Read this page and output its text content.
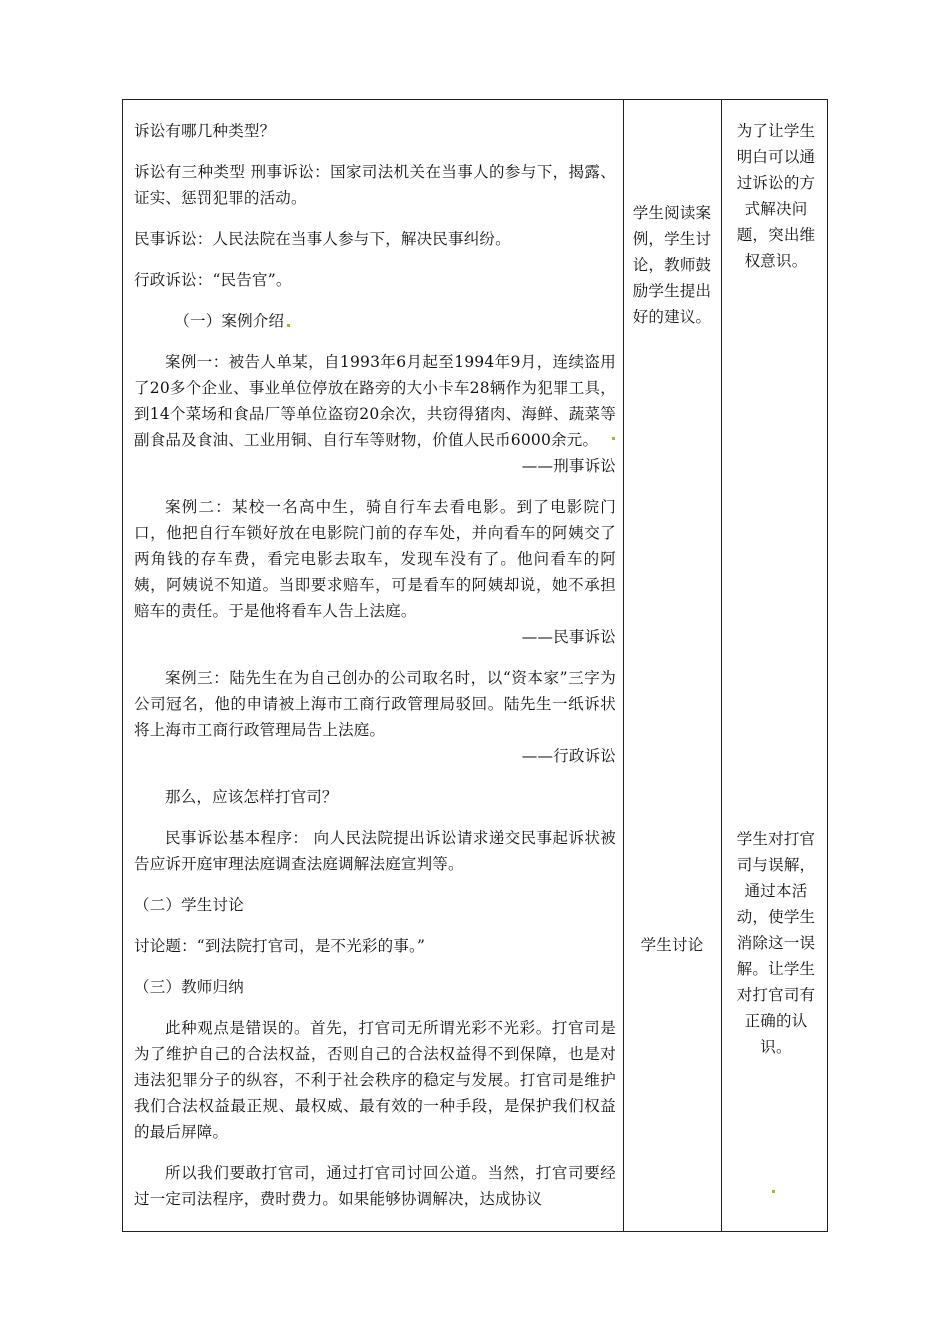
诉讼有哪几种类型？

诉讼有三种类型 刑事诉讼：国家司法机关在当事人的参与下，揭露、证实、惩罚犯罪的活动。

民事诉讼：人民法院在当事人参与下，解决民事纠纷。

行政诉讼：“民告官”。

（一）案例介绍

案例一：被告人单某，自1993年6月起至1994年9月，连续盗用了20多个企业、事业单位停放在路旁的大小卡车28辆作为犯罪工具，到14个菜场和食品厂等单位盗窃20余次，共窃得猪肉、海鲜、蔬菜等副食品及食油、工业用铜、自行车等财物，价值人民币6000余元。
——刑事诉讼

案例二：某校一名高中生，骑自行车去看电影。到了电影院门口，他把自行车锁好放在电影院门前的存车处，并向看车的阿姨交了两角钱的存车费，看完电影去取车，发现车没有了。他问看车的阿姨，阿姨说不知道。当即要求赔车，可是看车的阿姨却说，她不承担赔车的责任。于是他将看车人告上法庭。
——民事诉讼

案例三：陆先生在为自己创办的公司取名时，以“资本家”三字为公司冠名，他的申请被上海市工商行政管理局驳回。陆先生一纸诉状将上海市工商行政管理局告上法庭。
——行政诉讼

那么，应该怎样打官司？

民事诉讼基本程序： 向人民法院提出诉讼请求递交民事起诉状被告应诉开庭审理法庭调查法庭调解法庭宣判等。

（二）学生讨论

讨论题：“到法院打官司，是不光彩的事。”

（三）教师归纳

此种观点是错误的。首先，打官司无所谓光彩不光彩。打官司是为了维护自己的合法权益，否则自己的合法权益得不到保障，也是对违法犯罪分子的纵容，不利于社会秩序的稳定与发展。打官司是维护我们合法权益最正规、最权威、最有效的一种手段，是保护我们权益的最后屏障。

所以我们要敢打官司，通过打官司讨回公道。当然，打官司要经过一定司法程序，费时费力。如果能够协调解决，达成协议

学生阅读案例，学生讨论，教师鼓励学生提出好的建议。
学生讨论
为了让学生明白可以通过诉讼的方式解决问题，突出维权意识。
学生对打官司与误解，通过本活动，使学生消除这一误解。让学生对打官司有正确的认识。
